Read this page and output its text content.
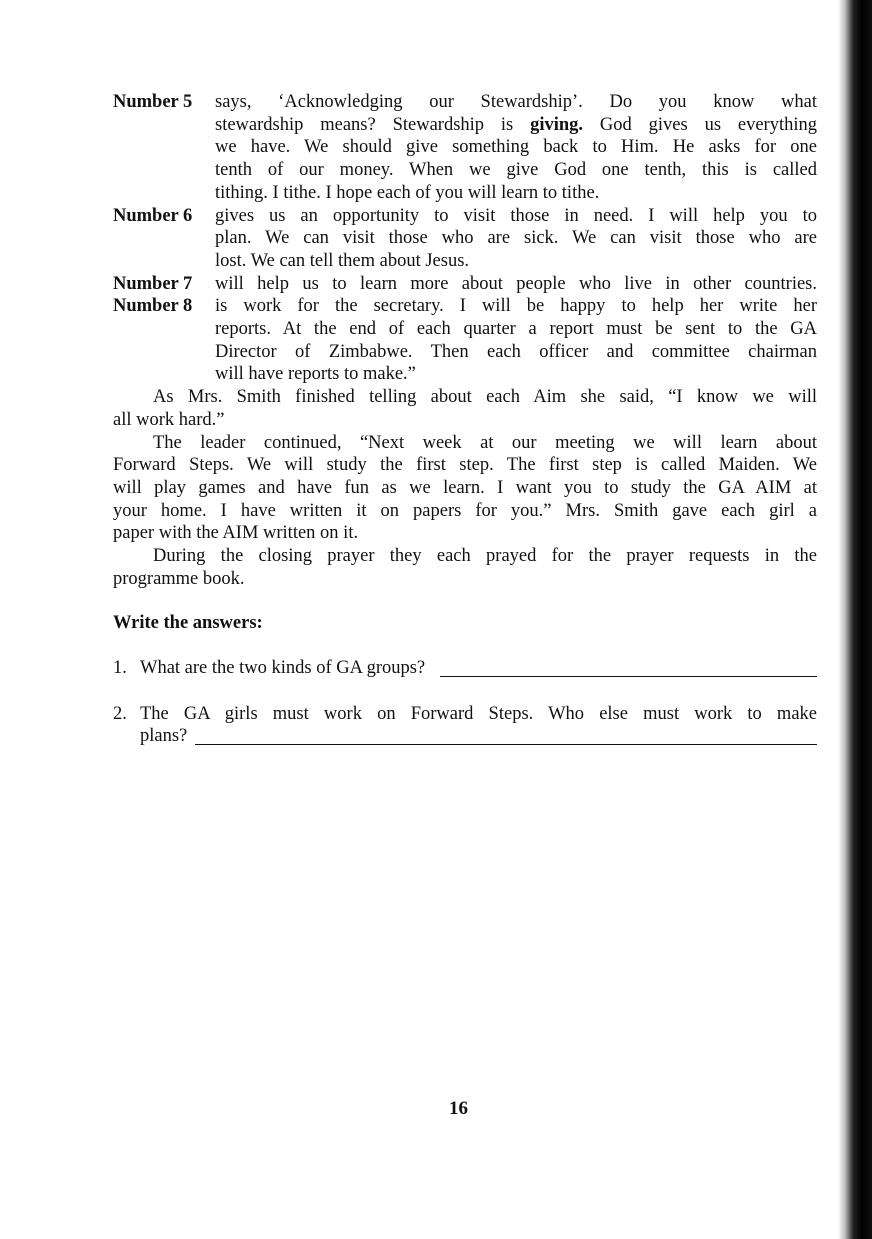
Number 5 says, ‘Acknowledging our Stewardship’. Do you know what
stewardship means? Stewardship is giving. God gives us everything
we have. We should give something back to Him. He asks for one
tenth of our money. When we give God one tenth, this is called
tithing. I tithe. I hope each of you will learn to tithe.
Number 6 gives us an opportunity to visit those in need. I will help you to
plan. We can visit those who are sick. We can visit those who are
lost. We can tell them about Jesus.
Number 7 will help us to learn more about people who live in other countries.
Number 8 is work for the secretary. I will be happy to help her write her
reports. At the end of each quarter a report must be sent to the GA
Director of Zimbabwe. Then each officer and committee chairman
will have reports to make.”
As Mrs. Smith finished telling about each Aim she said, “I know we will
all work hard.”
The leader continued, “Next week at our meeting we will learn about
Forward Steps. We will study the first step. The first step is called Maiden. We
will play games and have fun as we learn. I want you to study the GA AIM at
your home. I have written it on papers for you.” Mrs. Smith gave each girl a
paper with the AIM written on it.
During the closing prayer they each prayed for the prayer requests in the
programme book.
Write the answers:
1. What are the two kinds of GA groups?
2. The GA girls must work on Forward Steps. Who else must work to make
plans?
16
